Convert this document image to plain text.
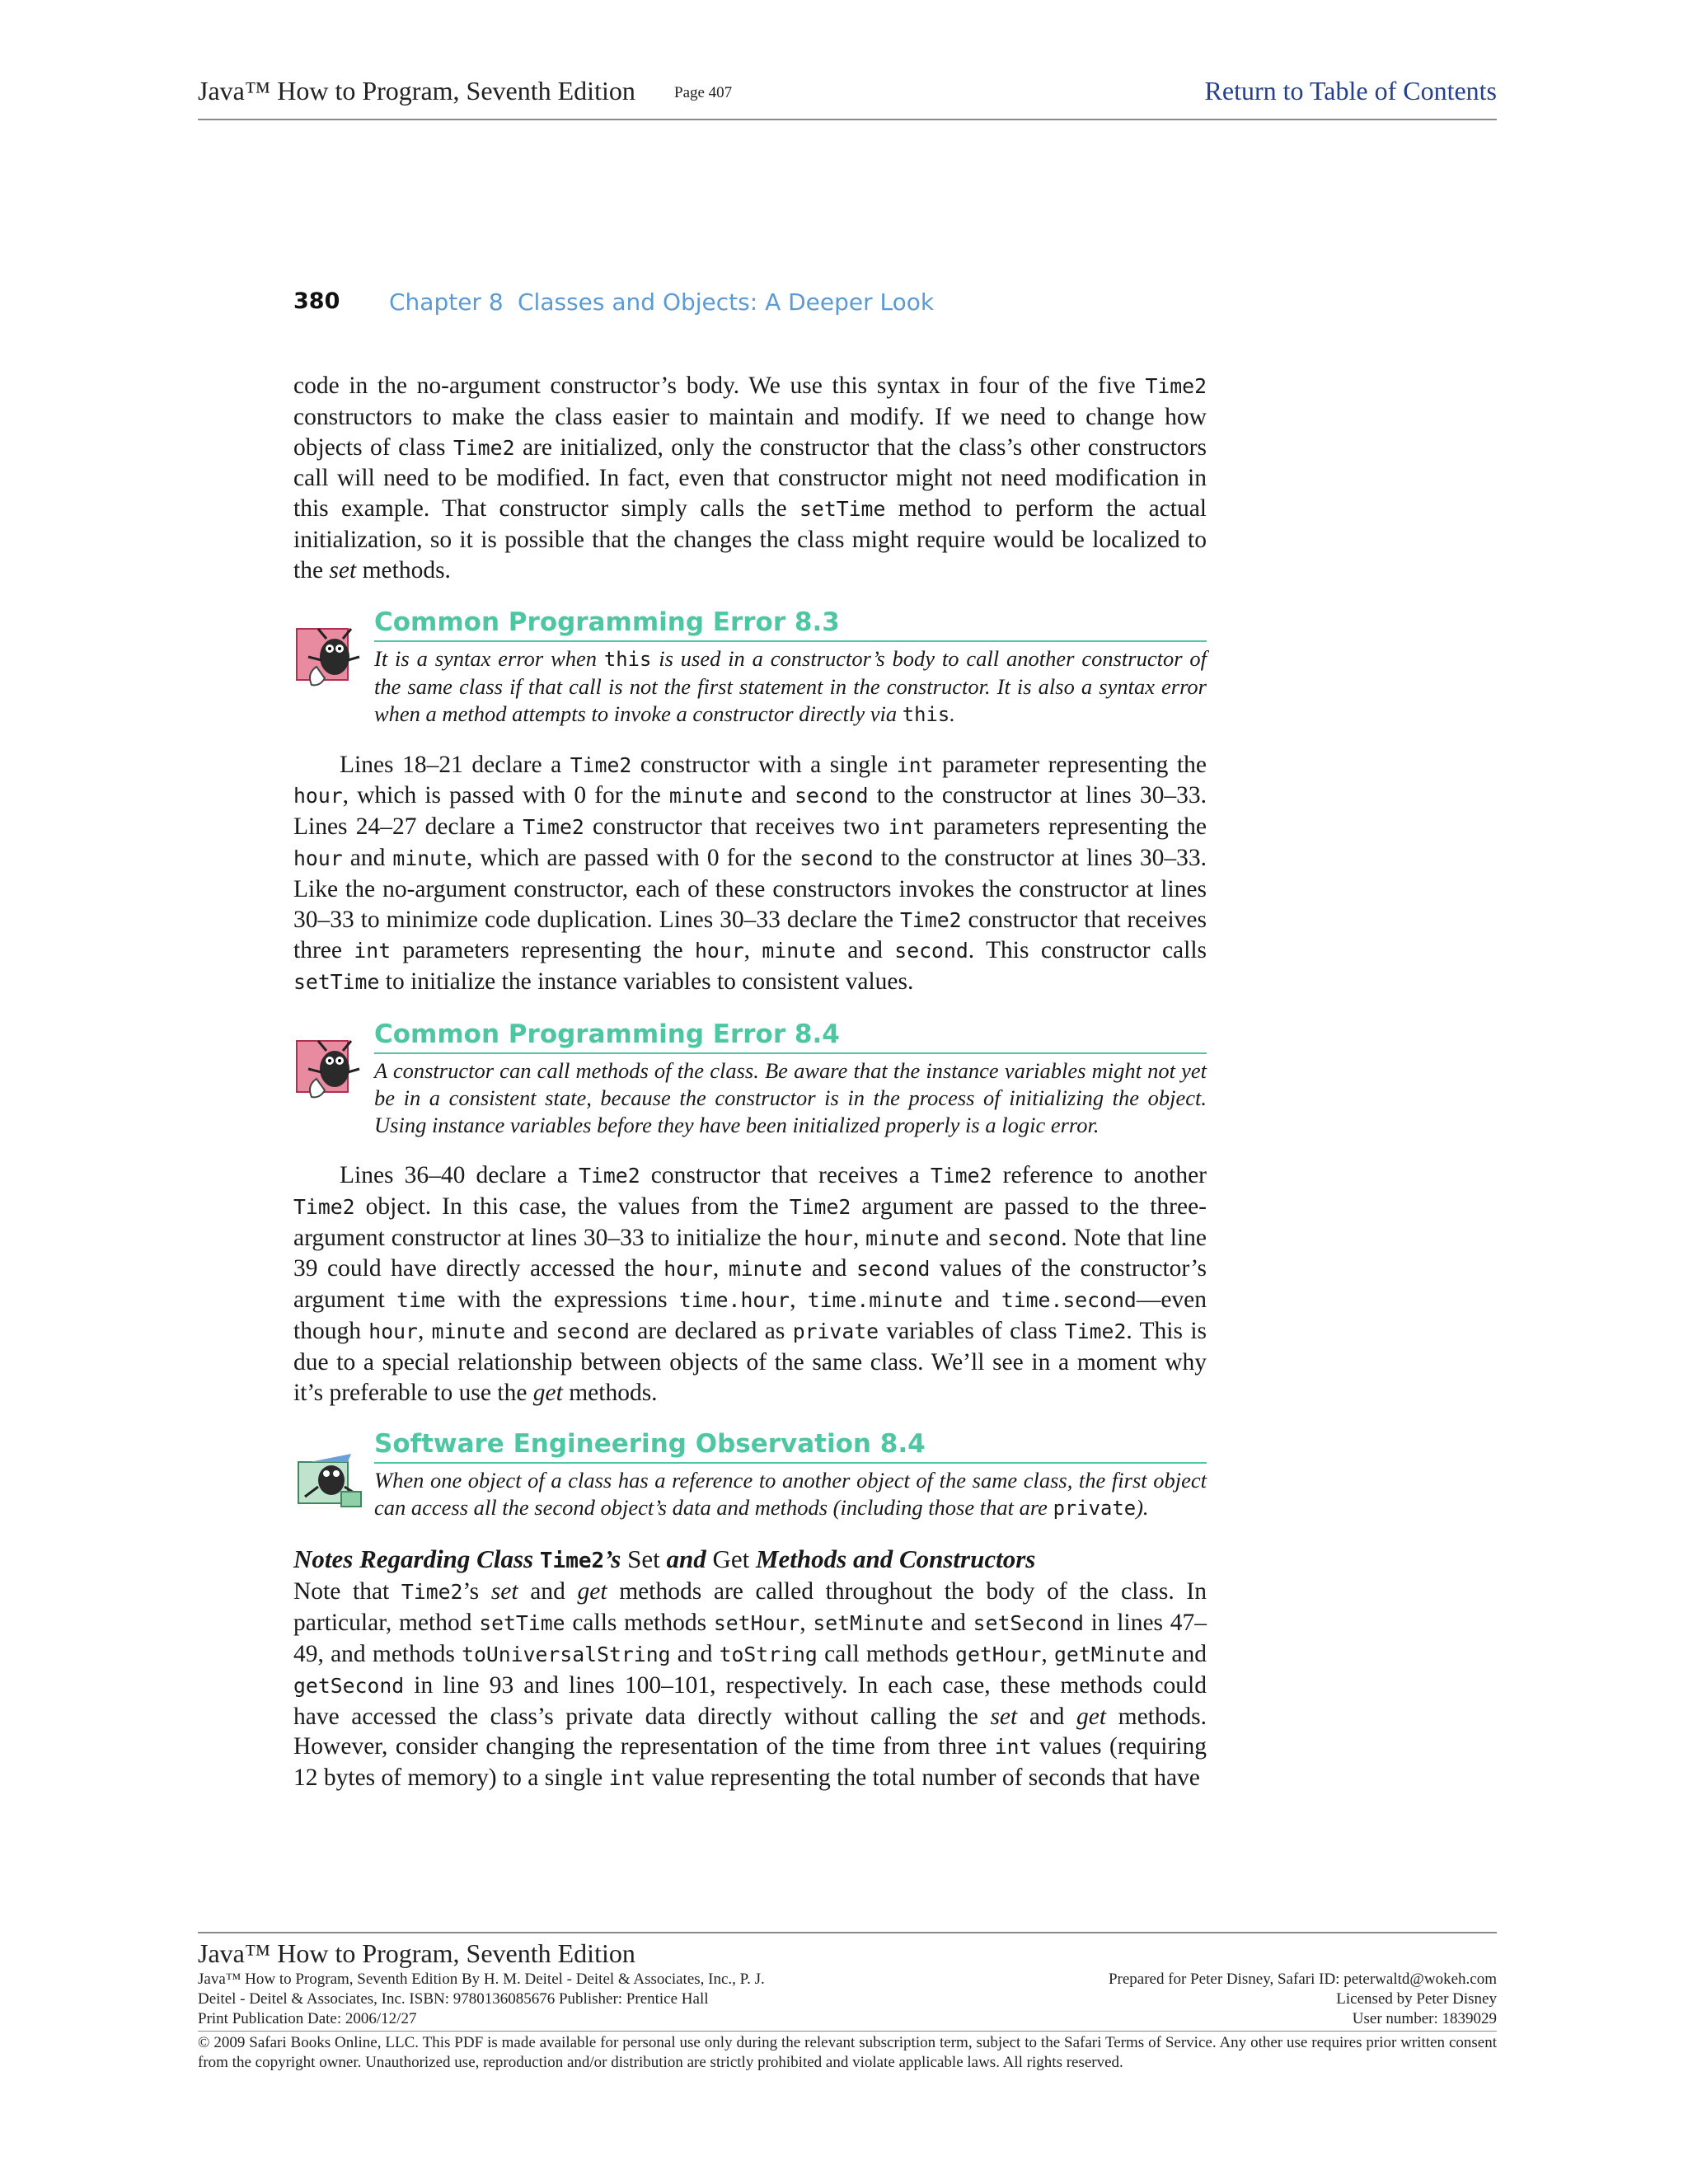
Java™ How to Program, Seventh Edition Page 407	Return to Table of Contents
380 Chapter 8 Classes and Objects: A Deeper Look

code in the no-argument constructor’s body. We use this syntax in four of the five Time2 constructors to make the class easier to maintain and modify. If we need to change how objects of class Time2 are initialized, only the constructor that the class’s other constructors call will need to be modified. In fact, even that constructor might not need modification in this example. That constructor simply calls the setTime method to perform the actual initialization, so it is possible that the changes the class might require would be localized to the set methods.

Common Programming Error 8.3

It is a syntax error when this is used in a constructor’s body to call another constructor of the same class if that call is not the first statement in the constructor. It is also a syntax error when a method attempts to invoke a constructor directly via this.

Lines 18–21 declare a Time2 constructor with a single int parameter representing the hour, which is passed with 0 for the minute and second to the constructor at lines 30–33. Lines 24–27 declare a Time2 constructor that receives two int parameters representing the hour and minute, which are passed with 0 for the second to the constructor at lines 30–33. Like the no-argument constructor, each of these constructors invokes the constructor at lines 30–33 to minimize code duplication. Lines 30–33 declare the Time2 constructor that receives three int parameters representing the hour, minute and second. This constructor calls setTime to initialize the instance variables to consistent values.

Common Programming Error 8.4

A constructor can call methods of the class. Be aware that the instance variables might not yet be in a consistent state, because the constructor is in the process of initializing the object. Using instance variables before they have been initialized properly is a logic error.

Lines 36–40 declare a Time2 constructor that receives a Time2 reference to another Time2 object. In this case, the values from the Time2 argument are passed to the three-argument constructor at lines 30–33 to initialize the hour, minute and second. Note that line 39 could have directly accessed the hour, minute and second values of the constructor’s argument time with the expressions time.hour, time.minute and time.second—even though hour, minute and second are declared as private variables of class Time2. This is due to a special relationship between objects of the same class. We’ll see in a moment why it’s preferable to use the get methods.

Software Engineering Observation 8.4

When one object of a class has a reference to another object of the same class, the first object can access all the second object’s data and methods (including those that are private).

Notes Regarding Class Time2’s Set and Get Methods and Constructors

Note that Time2’s set and get methods are called throughout the body of the class. In particular, method setTime calls methods setHour, setMinute and setSecond in lines 47–49, and methods toUniversalString and toString call methods getHour, getMinute and getSecond in line 93 and lines 100–101, respectively. In each case, these methods could have accessed the class’s private data directly without calling the set and get methods. However, consider changing the representation of the time from three int values (requiring 12 bytes of memory) to a single int value representing the total number of seconds that have

Java™ How to Program, Seventh Edition
Java™ How to Program, Seventh Edition By H. M. Deitel - Deitel & Associates, Inc., P. J.	Prepared for Peter Disney, Safari ID: peterwaltd@wokeh.com
Deitel - Deitel & Associates, Inc. ISBN: 9780136085676 Publisher: Prentice Hall	Licensed by Peter Disney
Print Publication Date: 2006/12/27	User number: 1839029
© 2009 Safari Books Online, LLC. This PDF is made available for personal use only during the relevant subscription term, subject to the Safari Terms of Service. Any other use requires prior written consent from the copyright owner. Unauthorized use, reproduction and/or distribution are strictly prohibited and violate applicable laws. All rights reserved.
